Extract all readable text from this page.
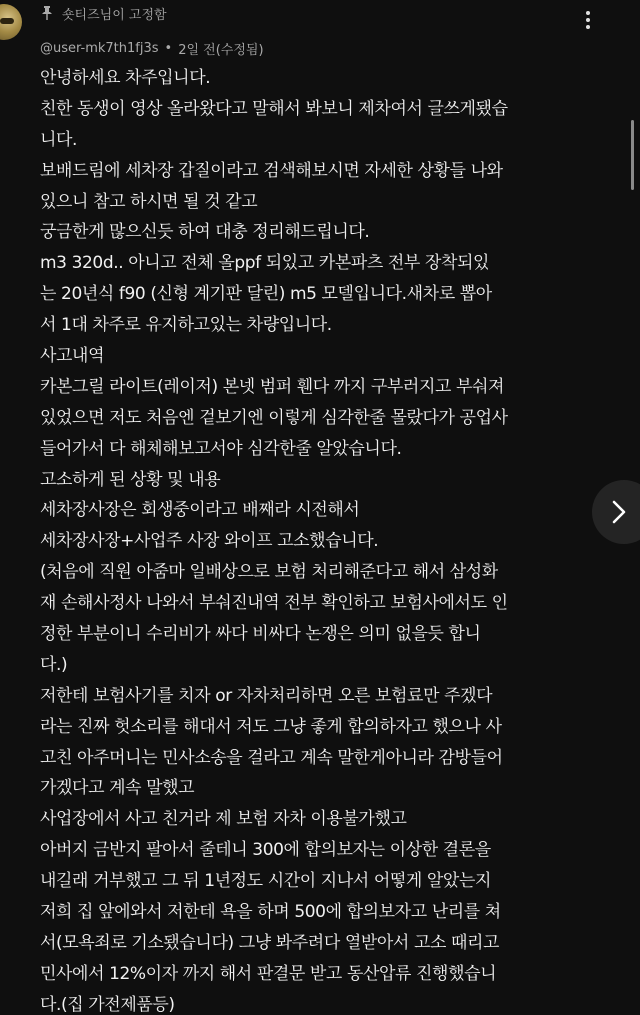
숏티즈님이 고정함
@user-mk7th1fj3s • 2일 전(수정됨)
안녕하세요 차주입니다.
친한 동생이 영상 올라왔다고 말해서 봐보니 제차여서 글쓰게됐습
니다.
보배드림에 세차장 갑질이라고 검색해보시면 자세한 상황들 나와
있으니 참고 하시면 될 것 같고
궁금한게 많으신듯 하여 대충 정리해드립니다.
m3 320d.. 아니고 전체 올ppf 되있고 카본파츠 전부 장착되있
는 20년식 f90 (신형 계기판 달린) m5 모델입니다.새차로 뽑아
서 1대 차주로 유지하고있는 차량입니다.
사고내역
카본그릴 라이트(레이저) 본넷 범퍼 휀다 까지 구부러지고 부숴져
있었으면 저도 처음엔 겉보기엔 이렇게 심각한줄 몰랐다가 공업사
들어가서 다 해체해보고서야 심각한줄 알았습니다.
고소하게 된 상황 및 내용
세차장사장은 회생중이라고 배째라 시전해서
세차장사장+사업주 사장 와이프 고소했습니다.
(처음에 직원 아줌마 일배상으로 보험 처리해준다고 해서 삼성화
재 손해사정사 나와서 부숴진내역 전부 확인하고 보험사에서도 인
정한 부분이니 수리비가 싸다 비싸다 논쟁은 의미 없을듯 합니
다.)
저한테 보험사기를 치자 or 자차처리하면 오른 보험료만 주겠다
라는 진짜 헛소리를 해대서 저도 그냥 좋게 합의하자고 했으나 사
고친 아주머니는 민사소송을 걸라고 계속 말한게아니라 감방들어
가겠다고 계속 말했고
사업장에서 사고 친거라 제 보험 자차 이용불가했고
아버지 금반지 팔아서 줄테니 300에 합의보자는 이상한 결론을
내길래 거부했고 그 뒤 1년정도 시간이 지나서 어떻게 알았는지
저희 집 앞에와서 저한테 욕을 하며 500에 합의보자고 난리를 쳐
서(모욕죄로 기소됐습니다) 그냥 봐주려다 열받아서 고소 때리고
민사에서 12%이자 까지 해서 판결문 받고 동산압류 진행했습니
다.(집 가전제품등)
